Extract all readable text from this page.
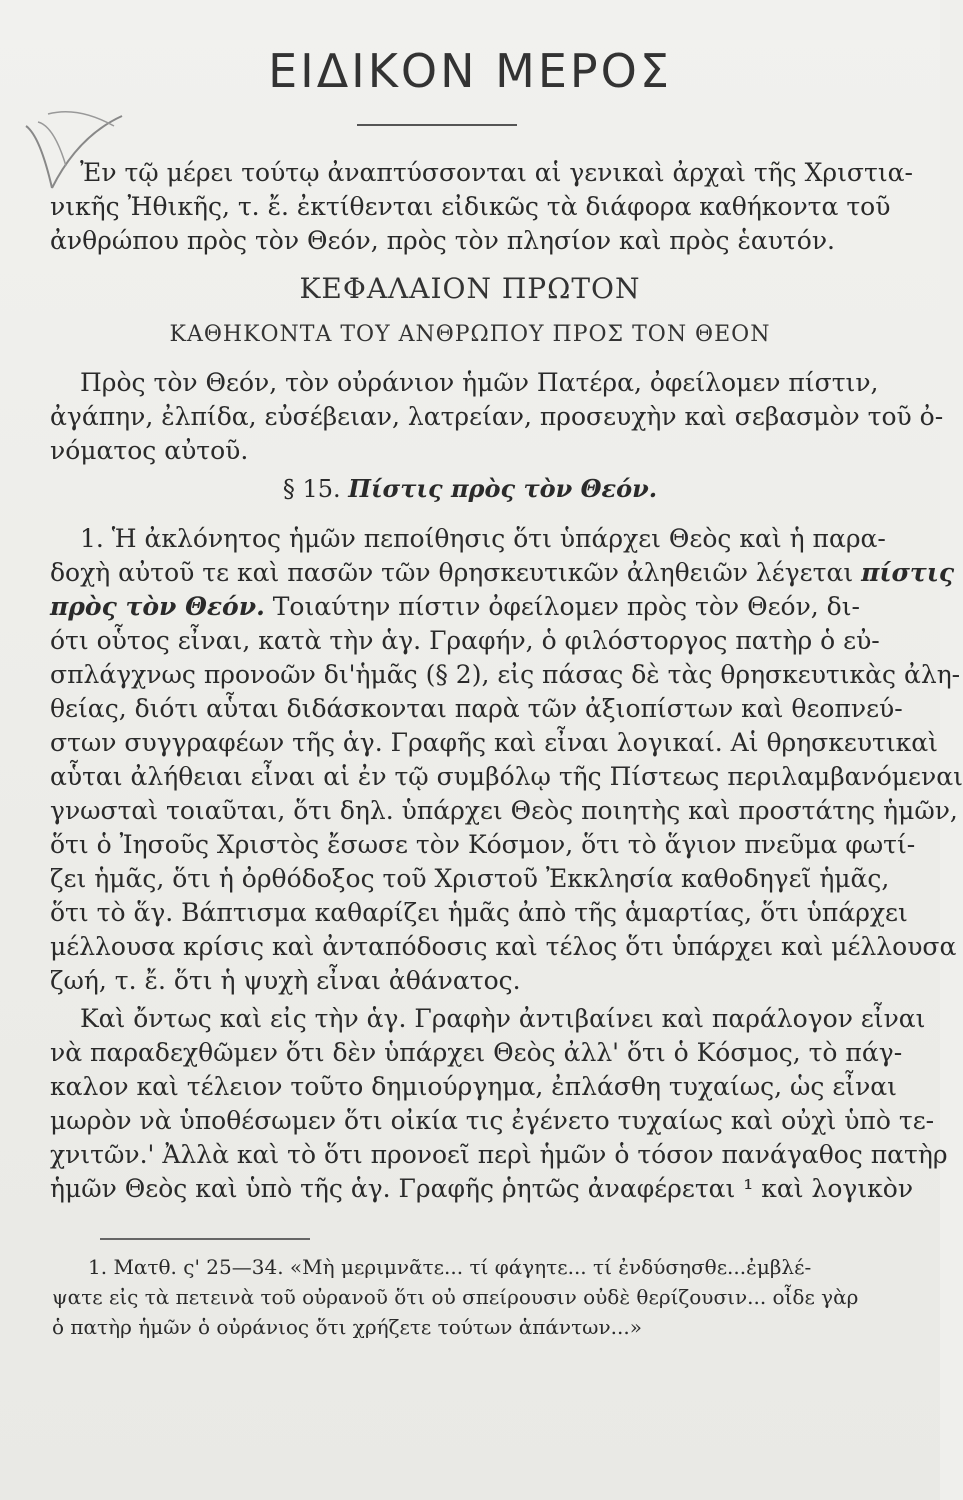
ΕΙΔΙΚΟΝ ΜΕΡΟΣ
Ἐν τῷ μέρει τούτῳ ἀναπτύσσονται αἱ γενικαὶ ἀρχαὶ τῆς Χριστια-
νικῆς Ἠθικῆς, τ. ἔ. ἐκτίθενται εἰδικῶς τὰ διάφορα καθήκοντα τοῦ
ἀνθρώπου πρὸς τὸν Θεόν, πρὸς τὸν πλησίον καὶ πρὸς ἑαυτόν.
ΚΕΦΑΛΑΙΟΝ ΠΡΩΤΟΝ
ΚΑΘΗΚΟΝΤΑ ΤΟΥ ΑΝΘΡΩΠΟΥ ΠΡΟΣ ΤΟΝ ΘΕΟΝ
Πρὸς τὸν Θεόν, τὸν οὐράνιον ἡμῶν Πατέρα, ὀφείλομεν πίστιν,
ἀγάπην, ἐλπίδα, εὐσέβειαν, λατρείαν, προσευχὴν καὶ σεβασμὸν τοῦ ὀ-
νόματος αὐτοῦ.
§ 15. Πίστις πρὸς τὸν Θεόν.
1. Ἡ ἀκλόνητος ἡμῶν πεποίθησις ὅτι ὑπάρχει Θεὸς καὶ ἡ παρα-
δοχὴ αὐτοῦ τε καὶ πασῶν τῶν θρησκευτικῶν ἀληθειῶν λέγεται πίστις
πρὸς τὸν Θεόν. Τοιαύτην πίστιν ὀφείλομεν πρὸς τὸν Θεόν, δι-
ότι οὗτος εἶναι, κατὰ τὴν ἁγ. Γραφήν, ὁ φιλόστοργος πατὴρ ὁ εὐ-
σπλάγχνως προνοῶν δι'ἡμᾶς (§ 2), εἰς πάσας δὲ τὰς θρησκευτικὰς ἀλη-
θείας, διότι αὗται διδάσκονται παρὰ τῶν ἀξιοπίστων καὶ θεοπνεύ-
στων συγγραφέων τῆς ἁγ. Γραφῆς καὶ εἶναι λογικαί. Αἱ θρησκευτικαὶ
αὗται ἀλήθειαι εἶναι αἱ ἐν τῷ συμβόλῳ τῆς Πίστεως περιλαμβανόμεναι
γνωσταὶ τοιαῦται, ὅτι δηλ. ὑπάρχει Θεὸς ποιητὴς καὶ προστάτης ἡμῶν,
ὅτι ὁ Ἰησοῦς Χριστὸς ἔσωσε τὸν Κόσμον, ὅτι τὸ ἅγιον πνεῦμα φωτί-
ζει ἡμᾶς, ὅτι ἡ ὀρθόδοξος τοῦ Χριστοῦ Ἐκκλησία καθοδηγεῖ ἡμᾶς,
ὅτι τὸ ἅγ. Βάπτισμα καθαρίζει ἡμᾶς ἀπὸ τῆς ἁμαρτίας, ὅτι ὑπάρχει
μέλλουσα κρίσις καὶ ἀνταπόδοσις καὶ τέλος ὅτι ὑπάρχει καὶ μέλλουσα
ζωή, τ. ἔ. ὅτι ἡ ψυχὴ εἶναι ἀθάνατος.
Καὶ ὄντως καὶ εἰς τὴν ἁγ. Γραφὴν ἀντιβαίνει καὶ παράλογον εἶναι
νὰ παραδεχθῶμεν ὅτι δὲν ὑπάρχει Θεὸς ἀλλ' ὅτι ὁ Κόσμος, τὸ πάγ-
καλον καὶ τέλειον τοῦτο δημιούργημα, ἐπλάσθη τυχαίως, ὡς εἶναι
μωρὸν νὰ ὑποθέσωμεν ὅτι οἰκία τις ἐγένετο τυχαίως καὶ οὐχὶ ὑπὸ τε-
χνιτῶν.' Ἀλλὰ καὶ τὸ ὅτι προνοεῖ περὶ ἡμῶν ὁ τόσον πανάγαθος πατὴρ
ἡμῶν Θεὸς καὶ ὑπὸ τῆς ἁγ. Γραφῆς ῥητῶς ἀναφέρεται ¹ καὶ λογικὸν
1. Ματθ. ς' 25—34. «Μὴ μεριμνᾶτε... τί φάγητε... τί ἐνδύσησθε...ἐμβλέ-
ψατε εἰς τὰ πετεινὰ τοῦ οὐρανοῦ ὅτι οὐ σπείρουσιν οὐδὲ θερίζουσιν... οἶδε γὰρ
ὁ πατὴρ ἡμῶν ὁ οὐράνιος ὅτι χρήζετε τούτων ἁπάντων...»
